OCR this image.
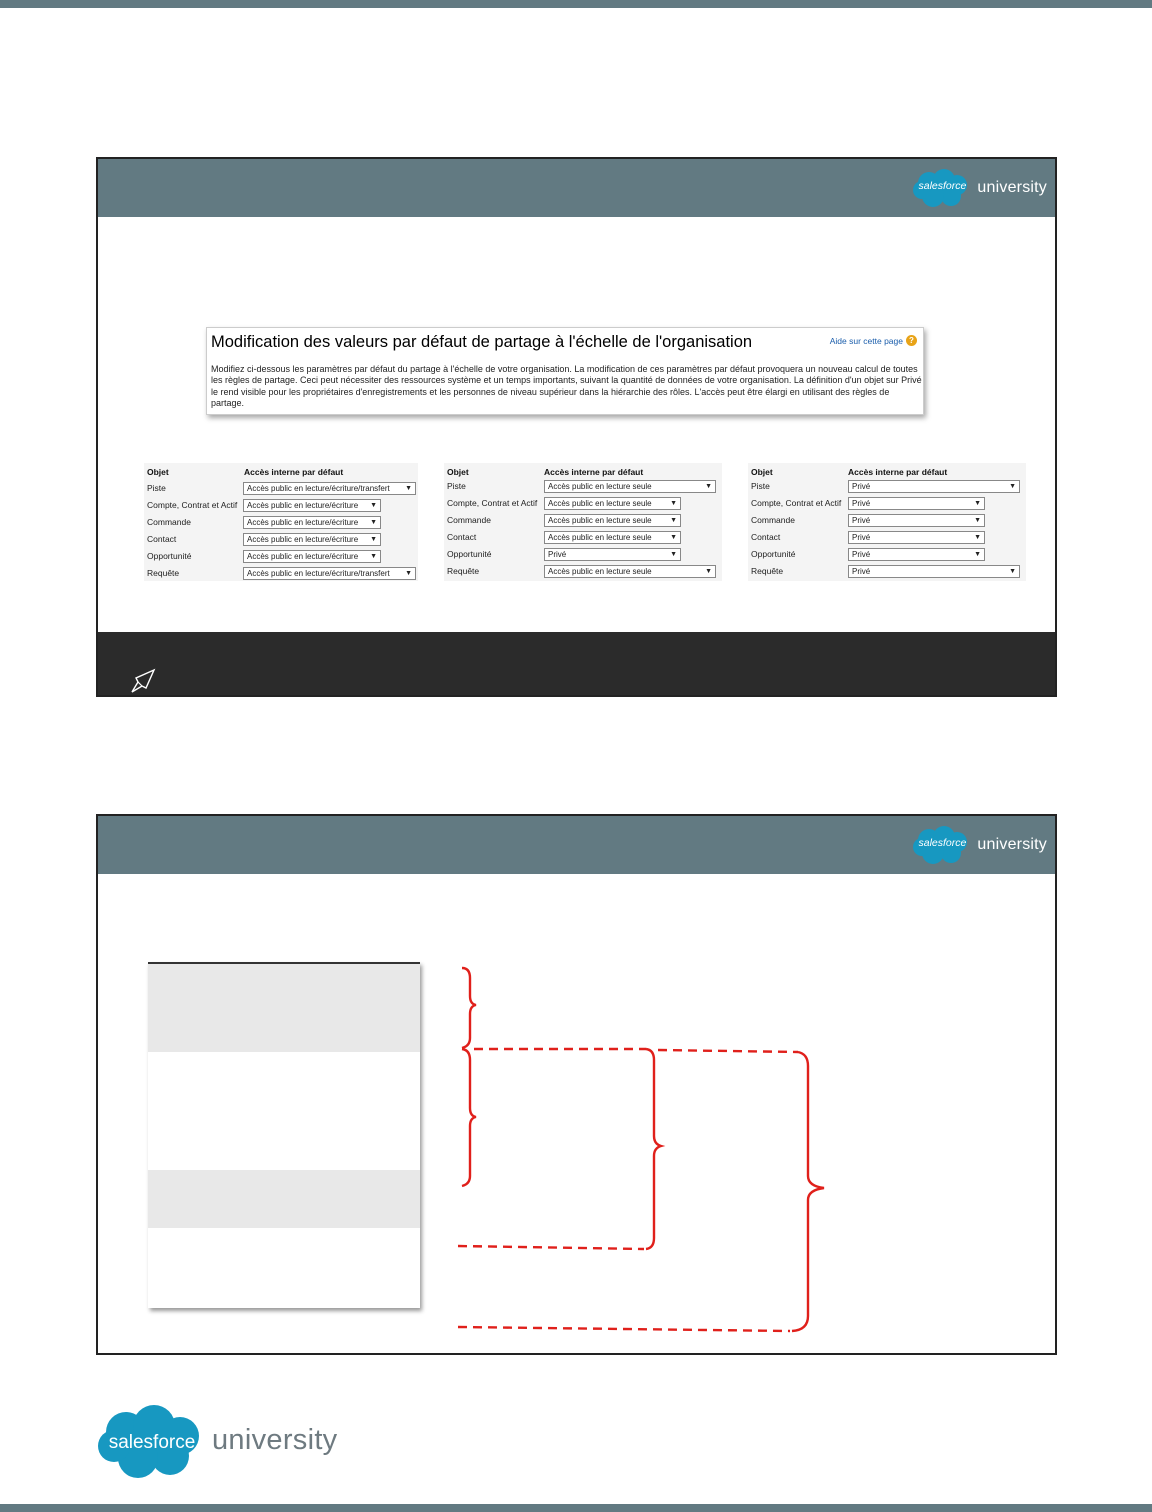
salesforce university
Modification des valeurs par défaut de partage à l'échelle de l'organisation	Aide sur cette page ?
Modifiez ci-dessous les paramètres par défaut du partage à l'échelle de votre organisation. La modification de ces paramètres par défaut provoquera un nouveau calcul de toutes les règles de partage. Ceci peut nécessiter des ressources système et un temps importants, suivant la quantité de données de votre organisation. La définition d'un objet sur Privé le rend visible pour les propriétaires d'enregistrements et les personnes de niveau supérieur dans la hiérarchie des rôles. L'accès peut être élargi en utilisant des règles de partage.
Objet	Accès interne par défaut
Piste	Accès public en lecture/écriture/transfert ▼
Compte, Contrat et Actif	Accès public en lecture/écriture ▼
Commande	Accès public en lecture/écriture ▼
Contact	Accès public en lecture/écriture ▼
Opportunité	Accès public en lecture/écriture ▼
Requête	Accès public en lecture/écriture/transfert ▼
Objet	Accès interne par défaut
Piste	Accès public en lecture seule	▼
Compte, Contrat et Actif	Accès public en lecture seule	▼
Commande	Accès public en lecture seule	▼
Contact	Accès public en lecture seule	▼
Opportunité	Privé	▼
Requête	Accès public en lecture seule	▼
Objet	Accès interne par défaut
Piste	Privé	▼
Compte, Contrat et Actif	Privé	▼
Commande	Privé	▼
Contact	Privé	▼
Opportunité	Privé	▼
Requête	Privé	▼
salesforce university
salesforce university
